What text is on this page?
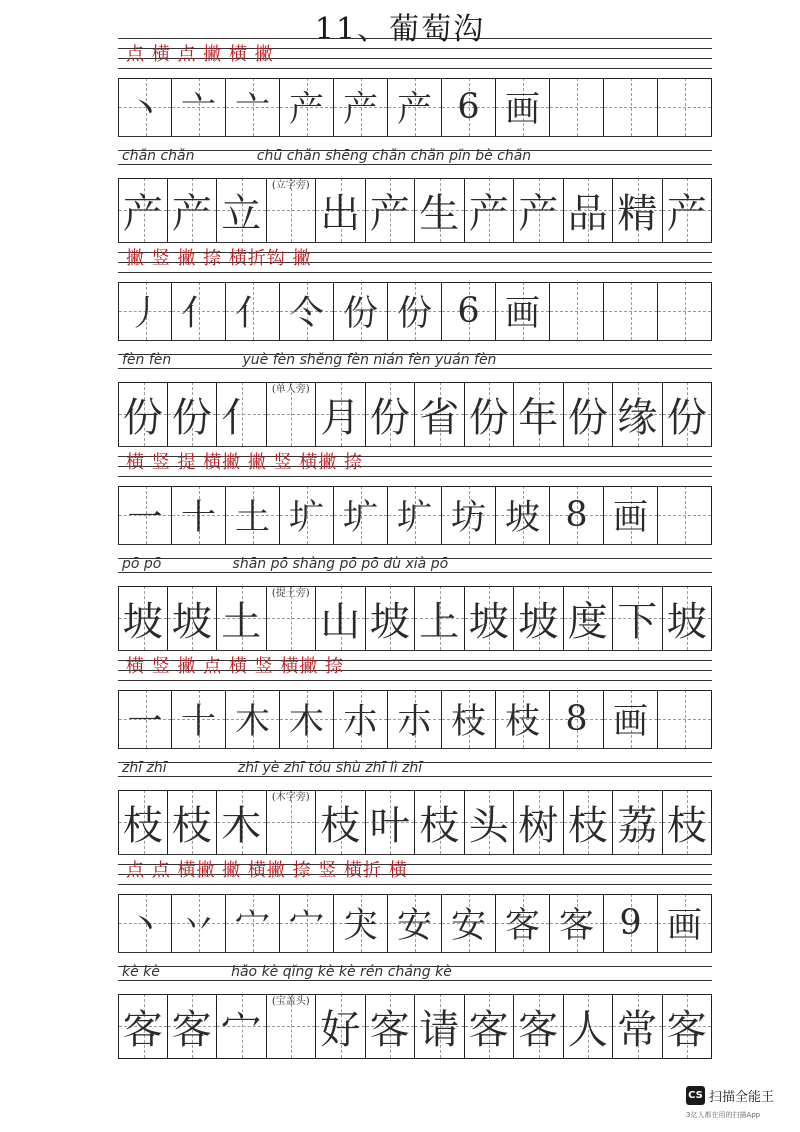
11、葡萄沟
点 横 点 撇 横 撇
丶 亠 亠 产 产 产 6 画
chǎn chǎn              chū chǎn shēng chǎn chǎn pǐn bè chǎn
产 产 立
(立字旁)
出 产 生 产 产 品 精 产
撇 竖 撇 捺 横折钩 撇
丿 亻 亻 仒 份 份 6 画
fèn fèn                yuè fèn shěng fèn nián fèn yuán fèn
份 份 亻
(单人旁)
月 份 省 份 年 份 缘 份
横 竖 提 横撇 撇 竖 横撇 捺
一 十 土 圹 圹 圹 坊 坡 8 画
pō pō                shān pō shàng pō pō dù xià pō
坡 坡 土
(提土旁)
山 坡 上 坡 坡 度 下 坡
横 竖 撇 点 横 竖 横撇 捺
一 十 木 木 朩 朩 枝 枝 8 画
zhī zhī                zhī yè zhī tóu shù zhī lì zhī
枝 枝 木
(木字旁)
枝 叶 枝 头 树 枝 荔 枝
点 点 横撇 撇 横撇 捺 竖 横折 横
丶 丷 宀 宀 宊 安 安 客 客 9 画
kè kè                hǎo kè qǐng kè kè rén cháng kè
客 客 宀
(宝盖头)
好 客 请 客 客 人 常 客
CS 扫描全能王
3亿人都在用的扫描App
